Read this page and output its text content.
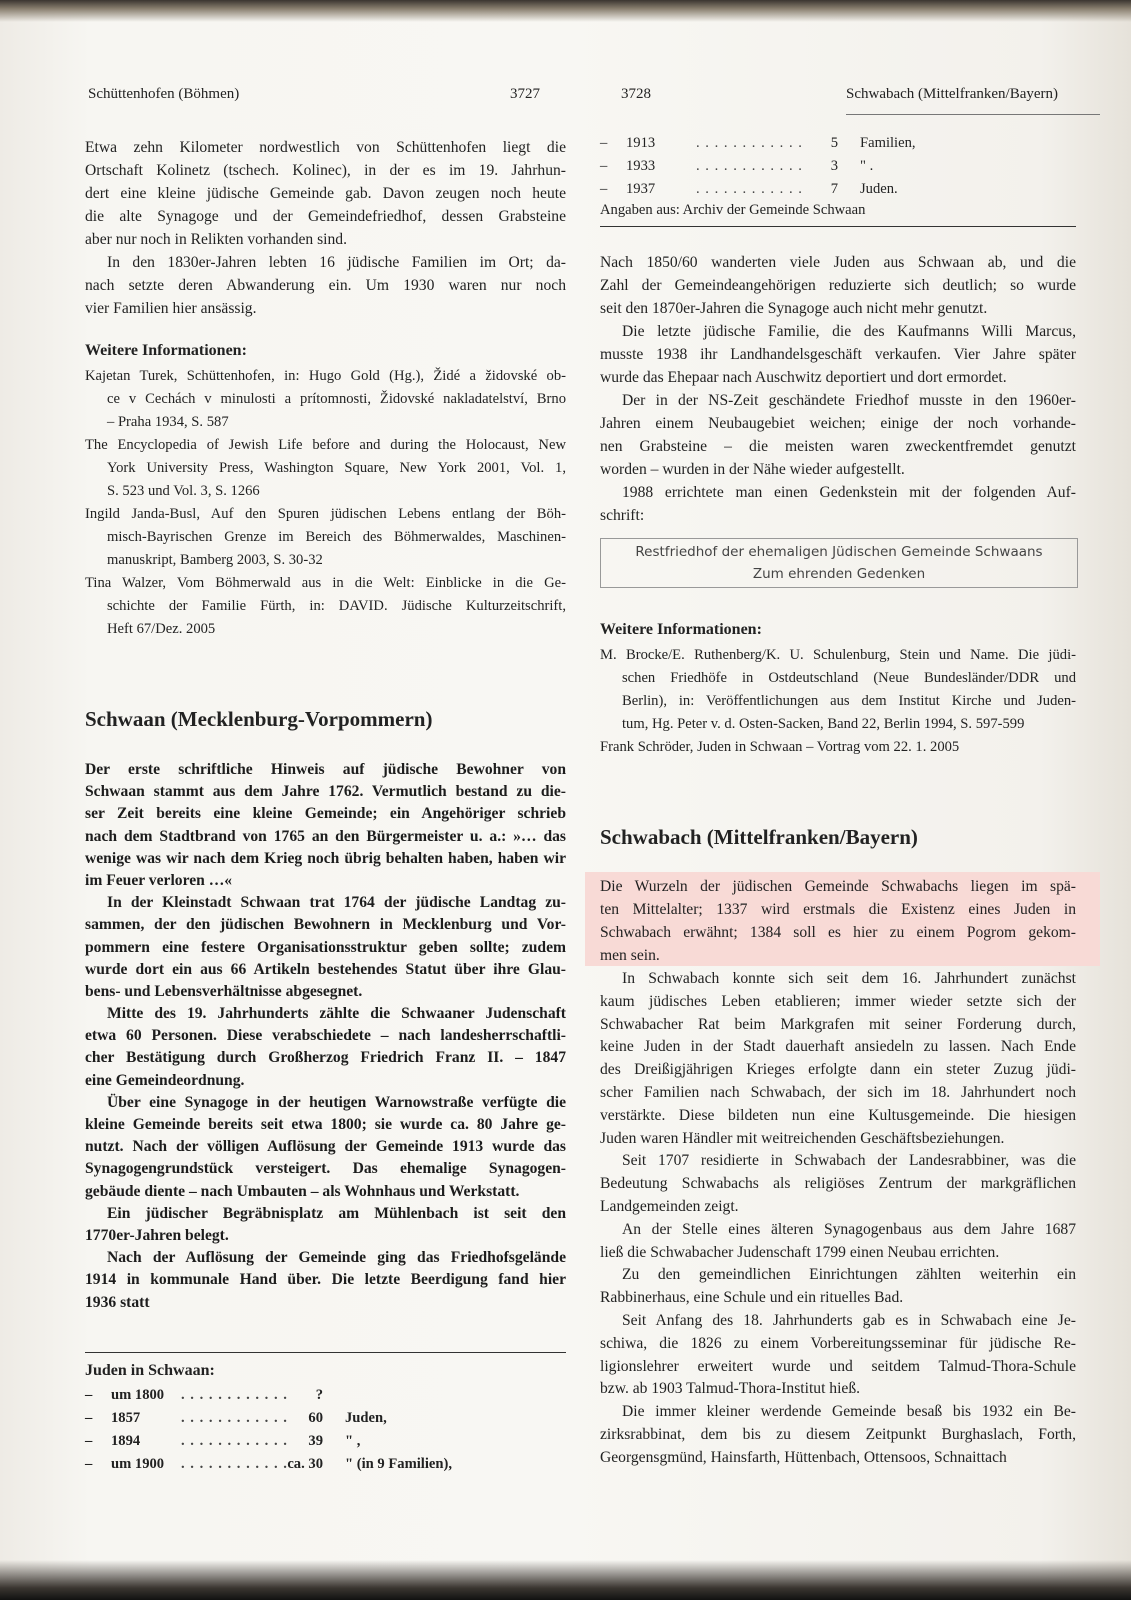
Schüttenhofen (Böhmen)	3727	3728	Schwabach (Mittelfranken/Bayern)
Etwa zehn Kilometer nordwestlich von Schüttenhofen liegt die
Ortschaft Kolinetz (tschech. Kolinec), in der es im 19. Jahrhun-
dert eine kleine jüdische Gemeinde gab. Davon zeugen noch heute
die alte Synagoge und der Gemeindefriedhof, dessen Grabsteine
aber nur noch in Relikten vorhanden sind.
In den 1830er-Jahren lebten 16 jüdische Familien im Ort; da-
nach setzte deren Abwanderung ein. Um 1930 waren nur noch
vier Familien hier ansässig.
Weitere Informationen:
Kajetan Turek, Schüttenhofen, in: Hugo Gold (Hg.), Židé a židovské ob-
ce v Cechách v minulosti a prítomnosti, Židovské nakladatelství, Brno
– Praha 1934, S. 587
The Encyclopedia of Jewish Life before and during the Holocaust, New
York University Press, Washington Square, New York 2001, Vol. 1,
S. 523 und Vol. 3, S. 1266
Ingild Janda-Busl, Auf den Spuren jüdischen Lebens entlang der Böh-
misch-Bayrischen Grenze im Bereich des Böhmerwaldes, Maschinen-
manuskript, Bamberg 2003, S. 30-32
Tina Walzer, Vom Böhmerwald aus in die Welt: Einblicke in die Ge-
schichte der Familie Fürth, in: DAVID. Jüdische Kulturzeitschrift,
Heft 67/Dez. 2005
Schwaan (Mecklenburg-Vorpommern)
Der erste schriftliche Hinweis auf jüdische Bewohner von
Schwaan stammt aus dem Jahre 1762. Vermutlich bestand zu die-
ser Zeit bereits eine kleine Gemeinde; ein Angehöriger schrieb
nach dem Stadtbrand von 1765 an den Bürgermeister u. a.: »… das
wenige was wir nach dem Krieg noch übrig behalten haben, haben wir
im Feuer verloren …«
In der Kleinstadt Schwaan trat 1764 der jüdische Landtag zu-
sammen, der den jüdischen Bewohnern in Mecklenburg und Vor-
pommern eine festere Organisationsstruktur geben sollte; zudem
wurde dort ein aus 66 Artikeln bestehendes Statut über ihre Glau-
bens- und Lebensverhältnisse abgesegnet.
Mitte des 19. Jahrhunderts zählte die Schwaaner Judenschaft
etwa 60 Personen. Diese verabschiedete – nach landesherrschaftli-
cher Bestätigung durch Großherzog Friedrich Franz II. – 1847
eine Gemeindeordnung.
Über eine Synagoge in der heutigen Warnowstraße verfügte die
kleine Gemeinde bereits seit etwa 1800; sie wurde ca. 80 Jahre ge-
nutzt. Nach der völligen Auflösung der Gemeinde 1913 wurde das
Synagogengrundstück versteigert. Das ehemalige Synagogen-
gebäude diente – nach Umbauten – als Wohnhaus und Werkstatt.
Ein jüdischer Begräbnisplatz am Mühlenbach ist seit den
1770er-Jahren belegt.
Nach der Auflösung der Gemeinde ging das Friedhofsgelände
1914 in kommunale Hand über. Die letzte Beerdigung fand hier
1936 statt
Juden in Schwaan:
–	um 1800	. . . . . . . . . . . .	?
–	1857	. . . . . . . . . . . .	60	Juden,
–	1894	. . . . . . . . . . . .	39	" ,
–	um 1900	. . . . . . . . . . . . ca. 30	" (in 9 Familien),
–	1913	. . . . . . . . . . . .	5	Familien,
–	1933	. . . . . . . . . . . .	3	" .
–	1937	. . . . . . . . . . . .	7	Juden.
Angaben aus: Archiv der Gemeinde Schwaan
Nach 1850/60 wanderten viele Juden aus Schwaan ab, und die
Zahl der Gemeindeangehörigen reduzierte sich deutlich; so wurde
seit den 1870er-Jahren die Synagoge auch nicht mehr genutzt.
Die letzte jüdische Familie, die des Kaufmanns Willi Marcus,
musste 1938 ihr Landhandelsgeschäft verkaufen. Vier Jahre später
wurde das Ehepaar nach Auschwitz deportiert und dort ermordet.
Der in der NS-Zeit geschändete Friedhof musste in den 1960er-
Jahren einem Neubaugebiet weichen; einige der noch vorhande-
nen Grabsteine – die meisten waren zweckentfremdet genutzt
worden – wurden in der Nähe wieder aufgestellt.
1988 errichtete man einen Gedenkstein mit der folgenden Auf-
schrift:
Restfriedhof der ehemaligen Jüdischen Gemeinde Schwaans
Zum ehrenden Gedenken
Weitere Informationen:
M. Brocke/E. Ruthenberg/K. U. Schulenburg, Stein und Name. Die jüdi-
schen Friedhöfe in Ostdeutschland (Neue Bundesländer/DDR und
Berlin), in: Veröffentlichungen aus dem Institut Kirche und Juden-
tum, Hg. Peter v. d. Osten-Sacken, Band 22, Berlin 1994, S. 597-599
Frank Schröder, Juden in Schwaan – Vortrag vom 22. 1. 2005
Schwabach (Mittelfranken/Bayern)
Die Wurzeln der jüdischen Gemeinde Schwabachs liegen im spä-
ten Mittelalter; 1337 wird erstmals die Existenz eines Juden in
Schwabach erwähnt; 1384 soll es hier zu einem Pogrom gekom-
men sein.
In Schwabach konnte sich seit dem 16. Jahrhundert zunächst
kaum jüdisches Leben etablieren; immer wieder setzte sich der
Schwabacher Rat beim Markgrafen mit seiner Forderung durch,
keine Juden in der Stadt dauerhaft ansiedeln zu lassen. Nach Ende
des Dreißigjährigen Krieges erfolgte dann ein steter Zuzug jüdi-
scher Familien nach Schwabach, der sich im 18. Jahrhundert noch
verstärkte. Diese bildeten nun eine Kultusgemeinde. Die hiesigen
Juden waren Händler mit weitreichenden Geschäftsbeziehungen.
Seit 1707 residierte in Schwabach der Landesrabbiner, was die
Bedeutung Schwabachs als religiöses Zentrum der markgräflichen
Landgemeinden zeigt.
An der Stelle eines älteren Synagogenbaus aus dem Jahre 1687
ließ die Schwabacher Judenschaft 1799 einen Neubau errichten.
Zu den gemeindlichen Einrichtungen zählten weiterhin ein
Rabbinerhaus, eine Schule und ein rituelles Bad.
Seit Anfang des 18. Jahrhunderts gab es in Schwabach eine Je-
schiwa, die 1826 zu einem Vorbereitungsseminar für jüdische Re-
ligionslehrer erweitert wurde und seitdem Talmud-Thora-Schule
bzw. ab 1903 Talmud-Thora-Institut hieß.
Die immer kleiner werdende Gemeinde besaß bis 1932 ein Be-
zirksrabbinat, dem bis zu diesem Zeitpunkt Burghaslach, Forth,
Georgensgmünd, Hainsfarth, Hüttenbach, Ottensoos, Schnaittach
